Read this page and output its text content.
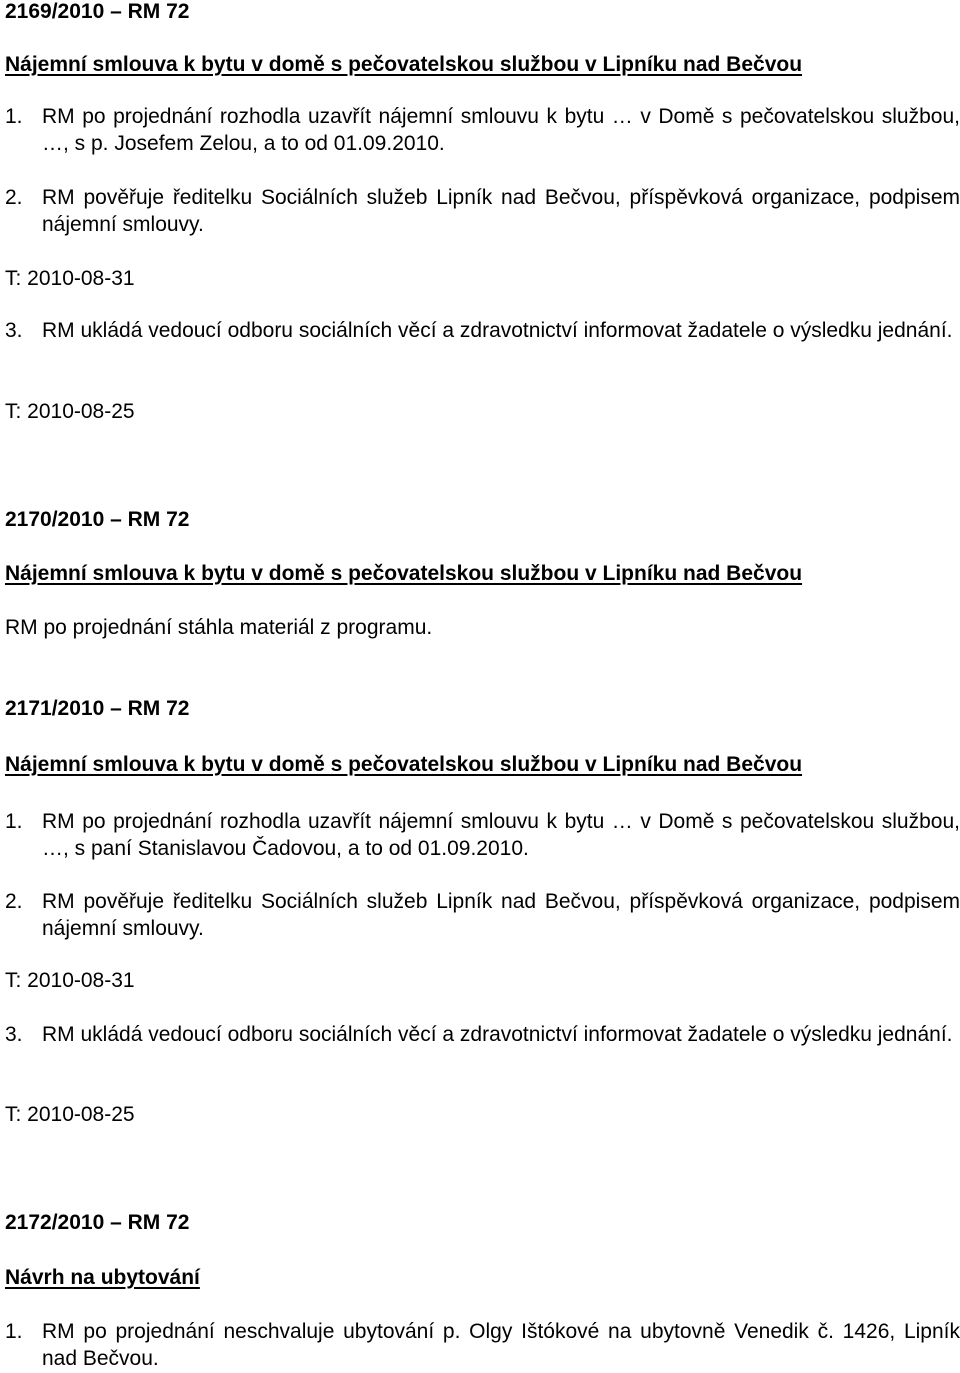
2169/2010 – RM 72
Nájemní smlouva k bytu v domě s pečovatelskou službou v Lipníku nad Bečvou
1. RM po projednání rozhodla uzavřít nájemní smlouvu k bytu … v Domě s pečovatelskou službou, …, s p. Josefem Zelou, a to od 01.09.2010.
2. RM pověřuje ředitelku Sociálních služeb Lipník nad Bečvou, příspěvková organizace, podpisem nájemní smlouvy.
T: 2010-08-31
3. RM ukládá vedoucí odboru sociálních věcí a zdravotnictví informovat žadatele o výsledku jednání.
T: 2010-08-25
2170/2010 – RM 72
Nájemní smlouva k bytu v domě s pečovatelskou službou v Lipníku nad Bečvou
RM po projednání stáhla materiál z programu.
2171/2010 – RM 72
Nájemní smlouva k bytu v domě s pečovatelskou službou v Lipníku nad Bečvou
1. RM po projednání rozhodla uzavřít nájemní smlouvu k bytu … v Domě s pečovatelskou službou, …, s paní Stanislavou Čadovou, a to od 01.09.2010.
2. RM pověřuje ředitelku Sociálních služeb Lipník nad Bečvou, příspěvková organizace, podpisem nájemní smlouvy.
T: 2010-08-31
3. RM ukládá vedoucí odboru sociálních věcí a zdravotnictví informovat žadatele o výsledku jednání.
T: 2010-08-25
2172/2010 – RM 72
Návrh na ubytování
1. RM po projednání neschvaluje ubytování p. Olgy Ištókové na ubytovně Venedik č. 1426, Lipník nad Bečvou.
